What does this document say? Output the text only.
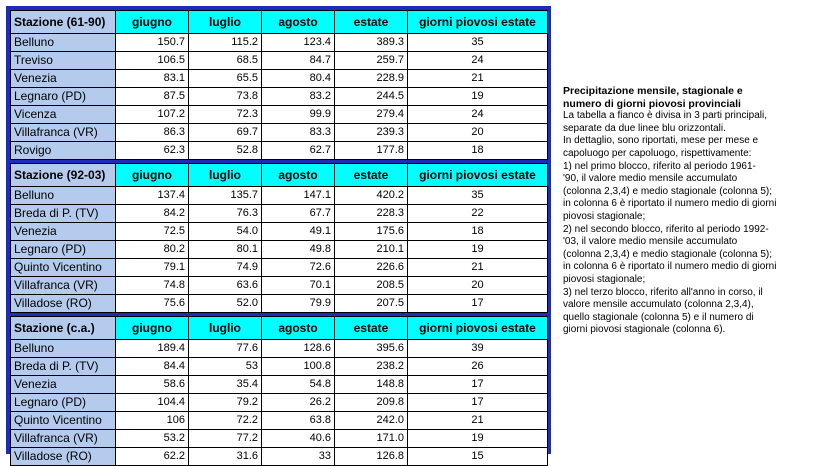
Stazione (61-90)	giugno	luglio	agosto	estate	giorni piovosi estate
Belluno	150.7	115.2	123.4	389.3	35
Treviso	106.5	68.5	84.7	259.7	24
Venezia	83.1	65.5	80.4	228.9	21
Legnaro (PD)	87.5	73.8	83.2	244.5	19
Vicenza	107.2	72.3	99.9	279.4	24
Villafranca (VR)	86.3	69.7	83.3	239.3	20
Rovigo	62.3	52.8	62.7	177.8	18

Stazione (92-03)	giugno	luglio	agosto	estate	giorni piovosi estate
Belluno	137.4	135.7	147.1	420.2	35
Breda di P. (TV)	84.2	76.3	67.7	228.3	22
Venezia	72.5	54.0	49.1	175.6	18
Legnaro (PD)	80.2	80.1	49.8	210.1	19
Quinto Vicentino	79.1	74.9	72.6	226.6	21
Villafranca (VR)	74.8	63.6	70.1	208.5	20
Villadose (RO)	75.6	52.0	79.9	207.5	17

Stazione (c.a.)	giugno	luglio	agosto	estate	giorni piovosi estate
Belluno	189.4	77.6	128.6	395.6	39
Breda di P. (TV)	84.4	53	100.8	238.2	26
Venezia	58.6	35.4	54.8	148.8	17
Legnaro (PD)	104.4	79.2	26.2	209.8	17
Quinto Vicentino	106	72.2	63.8	242.0	21
Villafranca (VR)	53.2	77.2	40.6	171.0	19
Villadose (RO)	62.2	31.6	33	126.8	15
Precipitazione mensile, stagionale e
numero di giorni piovosi provinciali
La tabella a fianco è divisa in 3 parti principali,
separate da due linee blu orizzontali.
In dettaglio, sono riportati, mese per mese e
capoluogo per capoluogo, rispettivamente:
1) nel primo blocco, riferito al periodo 1961-
'90, il valore medio mensile accumulato
(colonna 2,3,4) e medio stagionale (colonna 5);
in colonna 6 è riportato il numero medio di giorni
piovosi stagionale;
2) nel secondo blocco, riferito al periodo 1992-
'03, il valore medio mensile accumulato
(colonna 2,3,4) e medio stagionale (colonna 5);
in colonna 6 è riportato il numero medio di giorni
piovosi stagionale;
3) nel terzo blocco, riferito all'anno in corso, il
valore mensile accumulato (colonna 2,3,4),
quello stagionale (colonna 5) e il numero di
giorni piovosi stagionale (colonna 6).
